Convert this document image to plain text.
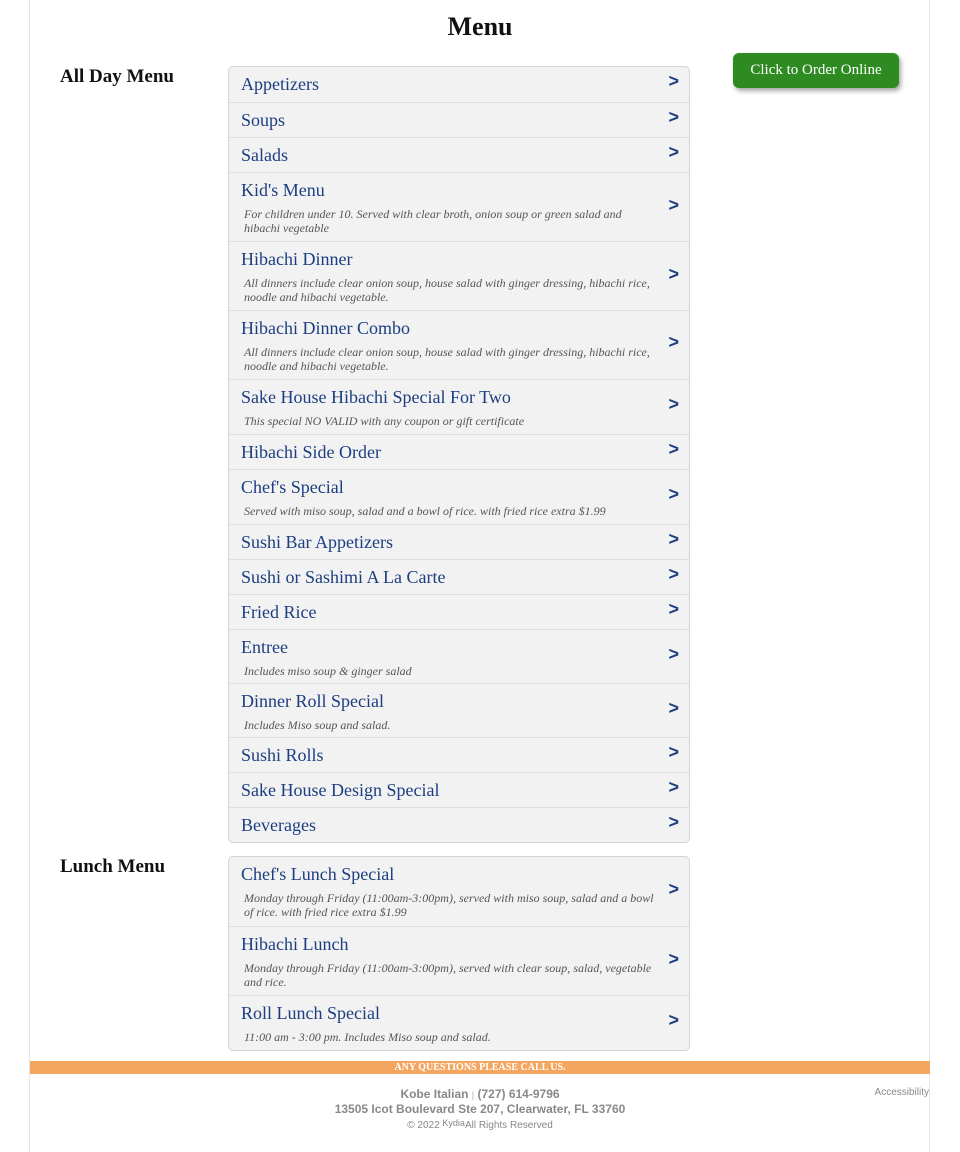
Menu
All Day Menu	Appetizers	>
Soups	>
Salads	>
Kid's Menu
For children under 10. Served with clear broth, onion soup or green salad and hibachi vegetable
>
Hibachi Dinner
All dinners include clear onion soup, house salad with ginger dressing, hibachi rice, noodle and hibachi vegetable.
>
Hibachi Dinner Combo
All dinners include clear onion soup, house salad with ginger dressing, hibachi rice, noodle and hibachi vegetable.
>
Sake House Hibachi Special For Two
This special NO VALID with any coupon or gift certificate
>
Hibachi Side Order	>
Chef's Special
Served with miso soup, salad and a bowl of rice. with fried rice extra $1.99
>
Sushi Bar Appetizers	>
Sushi or Sashimi A La Carte	>
Fried Rice	>
Entree
Includes miso soup & ginger salad
>
Dinner Roll Special
Includes Miso soup and salad.
>
Sushi Rolls	>
Sake House Design Special	>
Beverages	>
Lunch Menu	Chef's Lunch Special
Monday through Friday (11:00am-3:00pm), served with miso soup, salad and a bowl of rice. with fried rice extra $1.99
>
Hibachi Lunch
Monday through Friday (11:00am-3:00pm), served with clear soup, salad, vegetable and rice.
>
Roll Lunch Special
11:00 am - 3:00 pm. Includes Miso soup and salad.
>
Click to Order Online
ANY QUESTIONS PLEASE CALL US.
Kobe Italian | (727) 614-9796
13505 Icot Boulevard Ste 207, Clearwater, FL 33760
© 2022 KydiaAll Rights Reserved
Accessibility
